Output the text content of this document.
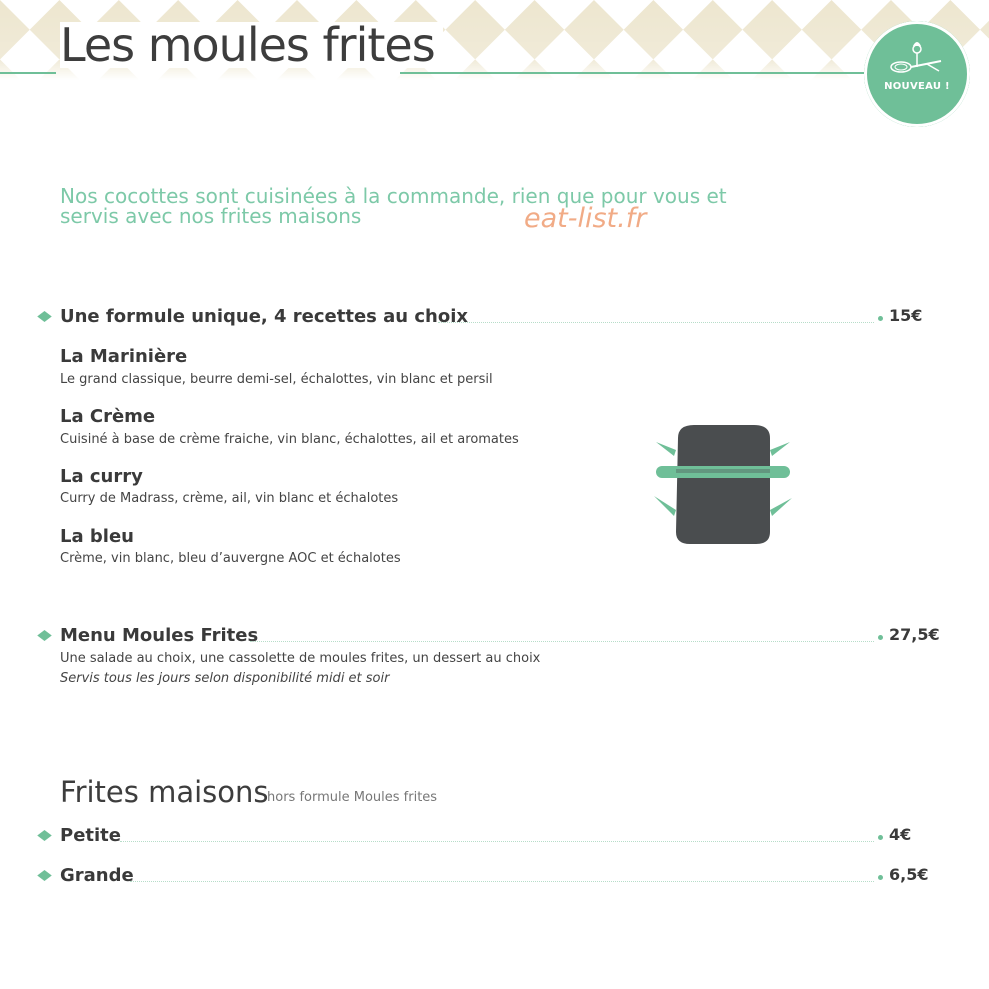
Les moules frites
NOUVEAU !

Nos cocottes sont cuisinées à la commande, rien que pour vous et
servis avec nos frites maisons	eat-list.fr
Une formule unique, 4 recettes au choix	15€

La Marinière

Le grand classique, beurre demi-sel, échalottes, vin blanc et persil

La Crème

Cuisiné à base de crème fraiche, vin blanc, échalottes, ail et aromates

La curry

Curry de Madrass, crème, ail, vin blanc et échalotes

La bleu

Crème, vin blanc, bleu d’auvergne AOC et échalotes

Menu Moules Frites	27,5€

Une salade au choix, une cassolette de moules frites, un dessert au choix

Servis tous les jours selon disponibilité midi et soir

Frites maisons
hors formule Moules frites
Petite	4€
Grande	6,5€
